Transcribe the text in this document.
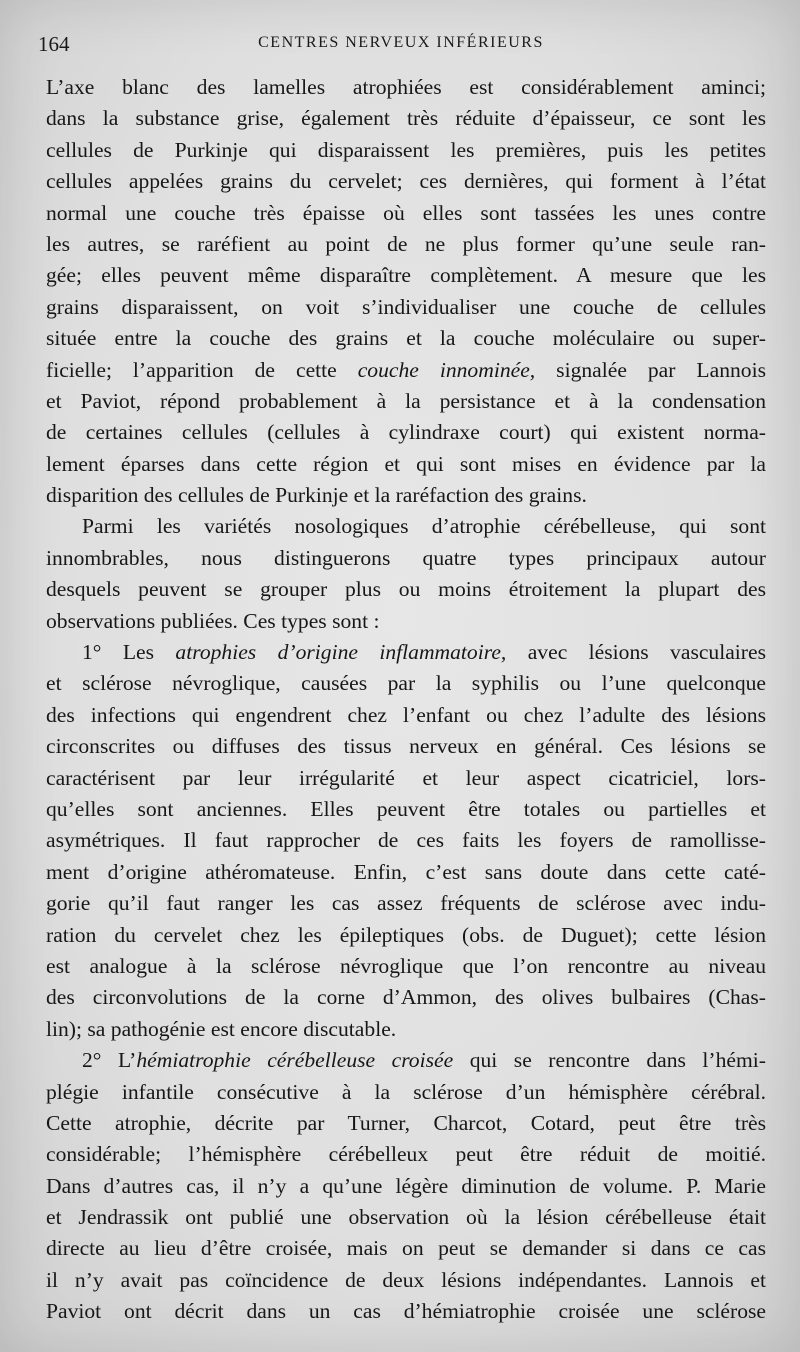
164	CENTRES NERVEUX INFÉRIEURS
L’axe blanc des lamelles atrophiées est considérablement aminci;
dans la substance grise, également très réduite d’épaisseur, ce sont les
cellules de Purkinje qui disparaissent les premières, puis les petites
cellules appelées grains du cervelet; ces dernières, qui forment à l’état
normal une couche très épaisse où elles sont tassées les unes contre
les autres, se raréfient au point de ne plus former qu’une seule ran-
gée; elles peuvent même disparaître complètement. A mesure que les
grains disparaissent, on voit s’individualiser une couche de cellules
située entre la couche des grains et la couche moléculaire ou super-
ficielle; l’apparition de cette couche innominée, signalée par Lannois
et Paviot, répond probablement à la persistance et à la condensation
de certaines cellules (cellules à cylindraxe court) qui existent norma-
lement éparses dans cette région et qui sont mises en évidence par la
disparition des cellules de Purkinje et la raréfaction des grains.
Parmi les variétés nosologiques d’atrophie cérébelleuse, qui sont
innombrables, nous distinguerons quatre types principaux autour
desquels peuvent se grouper plus ou moins étroitement la plupart des
observations publiées. Ces types sont :
1° Les atrophies d’origine inflammatoire, avec lésions vasculaires
et sclérose névroglique, causées par la syphilis ou l’une quelconque
des infections qui engendrent chez l’enfant ou chez l’adulte des lésions
circonscrites ou diffuses des tissus nerveux en général. Ces lésions se
caractérisent par leur irrégularité et leur aspect cicatriciel, lors-
qu’elles sont anciennes. Elles peuvent être totales ou partielles et
asymétriques. Il faut rapprocher de ces faits les foyers de ramollisse-
ment d’origine athéromateuse. Enfin, c’est sans doute dans cette caté-
gorie qu’il faut ranger les cas assez fréquents de sclérose avec indu-
ration du cervelet chez les épileptiques (obs. de Duguet); cette lésion
est analogue à la sclérose névroglique que l’on rencontre au niveau
des circonvolutions de la corne d’Ammon, des olives bulbaires (Chas-
lin); sa pathogénie est encore discutable.
2° L’hémiatrophie cérébelleuse croisée qui se rencontre dans l’hémi-
plégie infantile consécutive à la sclérose d’un hémisphère cérébral.
Cette atrophie, décrite par Turner, Charcot, Cotard, peut être très
considérable; l’hémisphère cérébelleux peut être réduit de moitié.
Dans d’autres cas, il n’y a qu’une légère diminution de volume. P. Marie
et Jendrassik ont publié une observation où la lésion cérébelleuse était
directe au lieu d’être croisée, mais on peut se demander si dans ce cas
il n’y avait pas coïncidence de deux lésions indépendantes. Lannois et
Paviot ont décrit dans un cas d’hémiatrophie croisée une sclérose
